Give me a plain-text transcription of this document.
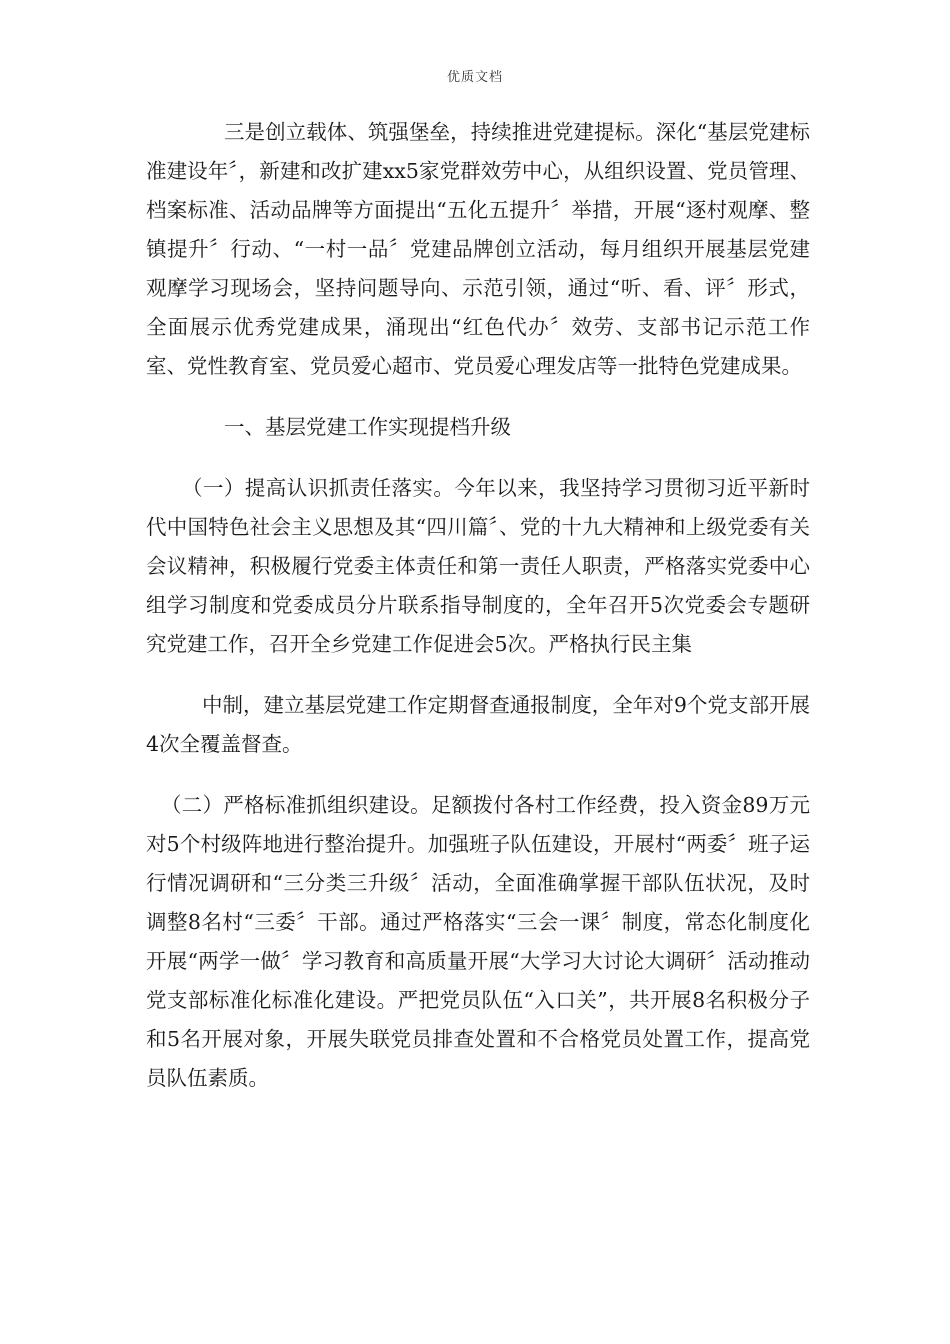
优质文档

三是创立载体、筑强堡垒，持续推进党建提标。深化“基层党建标准建设年〞，新建和改扩建xx5家党群效劳中心，从组织设置、党员管理、档案标准、活动品牌等方面提出“五化五提升〞举措，开展“逐村观摩、整镇提升〞行动、“一村一品〞党建品牌创立活动，每月组织开展基层党建观摩学习现场会，坚持问题导向、示范引领，通过“听、看、评〞形式，全面展示优秀党建成果，涌现出“红色代办〞效劳、支部书记示范工作室、党性教育室、党员爱心超市、党员爱心理发店等一批特色党建成果。

一、基层党建工作实现提档升级

（一）提高认识抓责任落实。今年以来，我坚持学习贯彻习近平新时代中国特色社会主义思想及其“四川篇〞、党的十九大精神和上级党委有关会议精神，积极履行党委主体责任和第一责任人职责，严格落实党委中心组学习制度和党委成员分片联系指导制度的，全年召开5次党委会专题研究党建工作，召开全乡党建工作促进会5次。严格执行民主集

中制，建立基层党建工作定期督查通报制度，全年对9个党支部开展4次全覆盖督查。

（二）严格标准抓组织建设。足额拨付各村工作经费，投入资金89万元对5个村级阵地进行整治提升。加强班子队伍建设，开展村“两委〞班子运行情况调研和“三分类三升级〞活动，全面准确掌握干部队伍状况，及时调整8名村“三委〞干部。通过严格落实“三会一课〞制度，常态化制度化开展“两学一做〞学习教育和高质量开展“大学习大讨论大调研〞活动推动党支部标准化标准化建设。严把党员队伍“入口关”，共开展8名积极分子和5名开展对象，开展失联党员排查处置和不合格党员处置工作，提高党员队伍素质。
